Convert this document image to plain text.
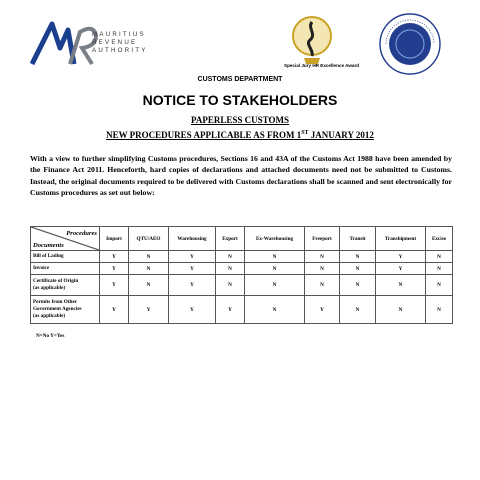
MAURITIUS
REVENUE
AUTHORITY
Special Jury HR Excellence Award
CUSTOMS DEPARTMENT
NOTICE TO STAKEHOLDERS
PAPERLESS CUSTOMS
NEW PROCEDURES APPLICABLE AS FROM 1ST JANUARY 2012
With a view to further simplifying Customs procedures, Sections 16 and 43A of the Customs Act 1988 have been amended by the Finance Act 2011. Henceforth, hard copies of declarations and attached documents need not be submitted to Customs. Instead, the original documents required to be delivered with Customs declarations shall be scanned and sent electronically for Customs procedures as set out below:
Procedures
Documents	Import	QTU/AEO	Warehousing	Export	Ex-Warehousing	Freeport	Transit	Transhipment	Excise

Bill of Lading	Y	N	Y	N	N	N	N	Y	N

Invoice	Y	N	Y	N	N	N	N	Y	N

Certificate of Origin
(as applicable)	Y	N	Y	N	N	N	N	N	N

Permits from Other
Government Agencies
(as applicable)	Y	Y	Y	Y	N	Y	N	N	N
N=No Y=Yes
